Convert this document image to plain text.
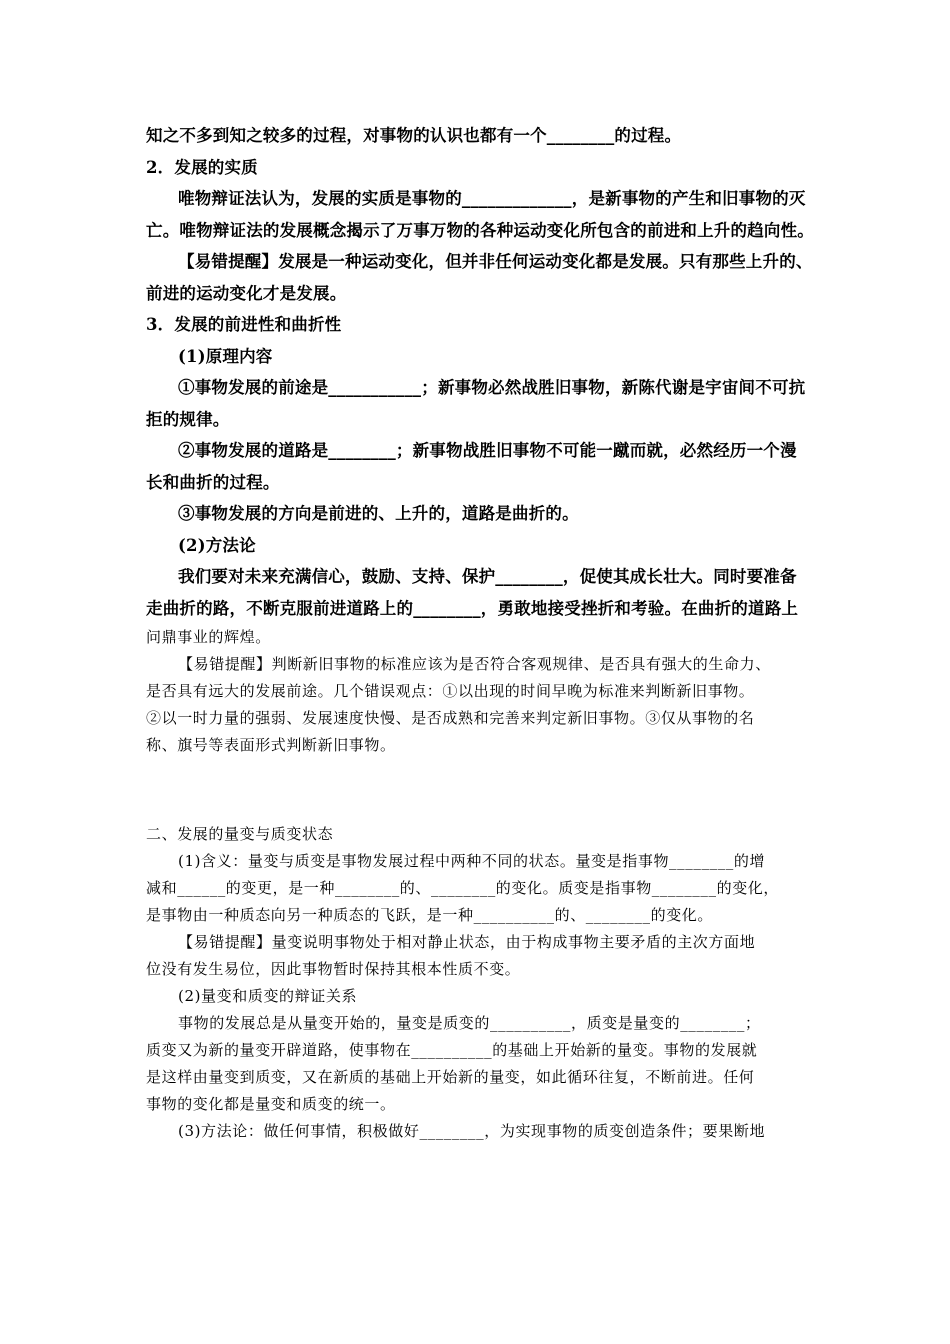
知之不多到知之较多的过程，对事物的认识也都有一个________的过程。

2．发展的实质

唯物辩证法认为，发展的实质是事物的_____________，是新事物的产生和旧事物的灭

亡。唯物辩证法的发展概念揭示了万事万物的各种运动变化所包含的前进和上升的趋向性。

【易错提醒】发展是一种运动变化，但并非任何运动变化都是发展。只有那些上升的、

前进的运动变化才是发展。

3．发展的前进性和曲折性

(1)原理内容

①事物发展的前途是___________；新事物必然战胜旧事物，新陈代谢是宇宙间不可抗

拒的规律。

②事物发展的道路是________；新事物战胜旧事物不可能一蹴而就，必然经历一个漫

长和曲折的过程。

③事物发展的方向是前进的、上升的，道路是曲折的。

(2)方法论

我们要对未来充满信心，鼓励、支持、保护________，促使其成长壮大。同时要准备

走曲折的路，不断克服前进道路上的________，勇敢地接受挫折和考验。在曲折的道路上

问鼎事业的辉煌。

【易错提醒】判断新旧事物的标准应该为是否符合客观规律、是否具有强大的生命力、

是否具有远大的发展前途。几个错误观点：①以出现的时间早晚为标准来判断新旧事物。

②以一时力量的强弱、发展速度快慢、是否成熟和完善来判定新旧事物。③仅从事物的名

称、旗号等表面形式判断新旧事物。

二、发展的量变与质变状态

(1)含义：量变与质变是事物发展过程中两种不同的状态。量变是指事物________的增

减和______的变更，是一种________的、________的变化。质变是指事物________的变化，

是事物由一种质态向另一种质态的飞跃，是一种__________的、________的变化。

【易错提醒】量变说明事物处于相对静止状态，由于构成事物主要矛盾的主次方面地

位没有发生易位，因此事物暂时保持其根本性质不变。

(2)量变和质变的辩证关系

事物的发展总是从量变开始的，量变是质变的__________，质变是量变的________；

质变又为新的量变开辟道路，使事物在__________的基础上开始新的量变。事物的发展就

是这样由量变到质变，又在新质的基础上开始新的量变，如此循环往复，不断前进。任何

事物的变化都是量变和质变的统一。

(3)方法论：做任何事情，积极做好________，为实现事物的质变创造条件；要果断地
